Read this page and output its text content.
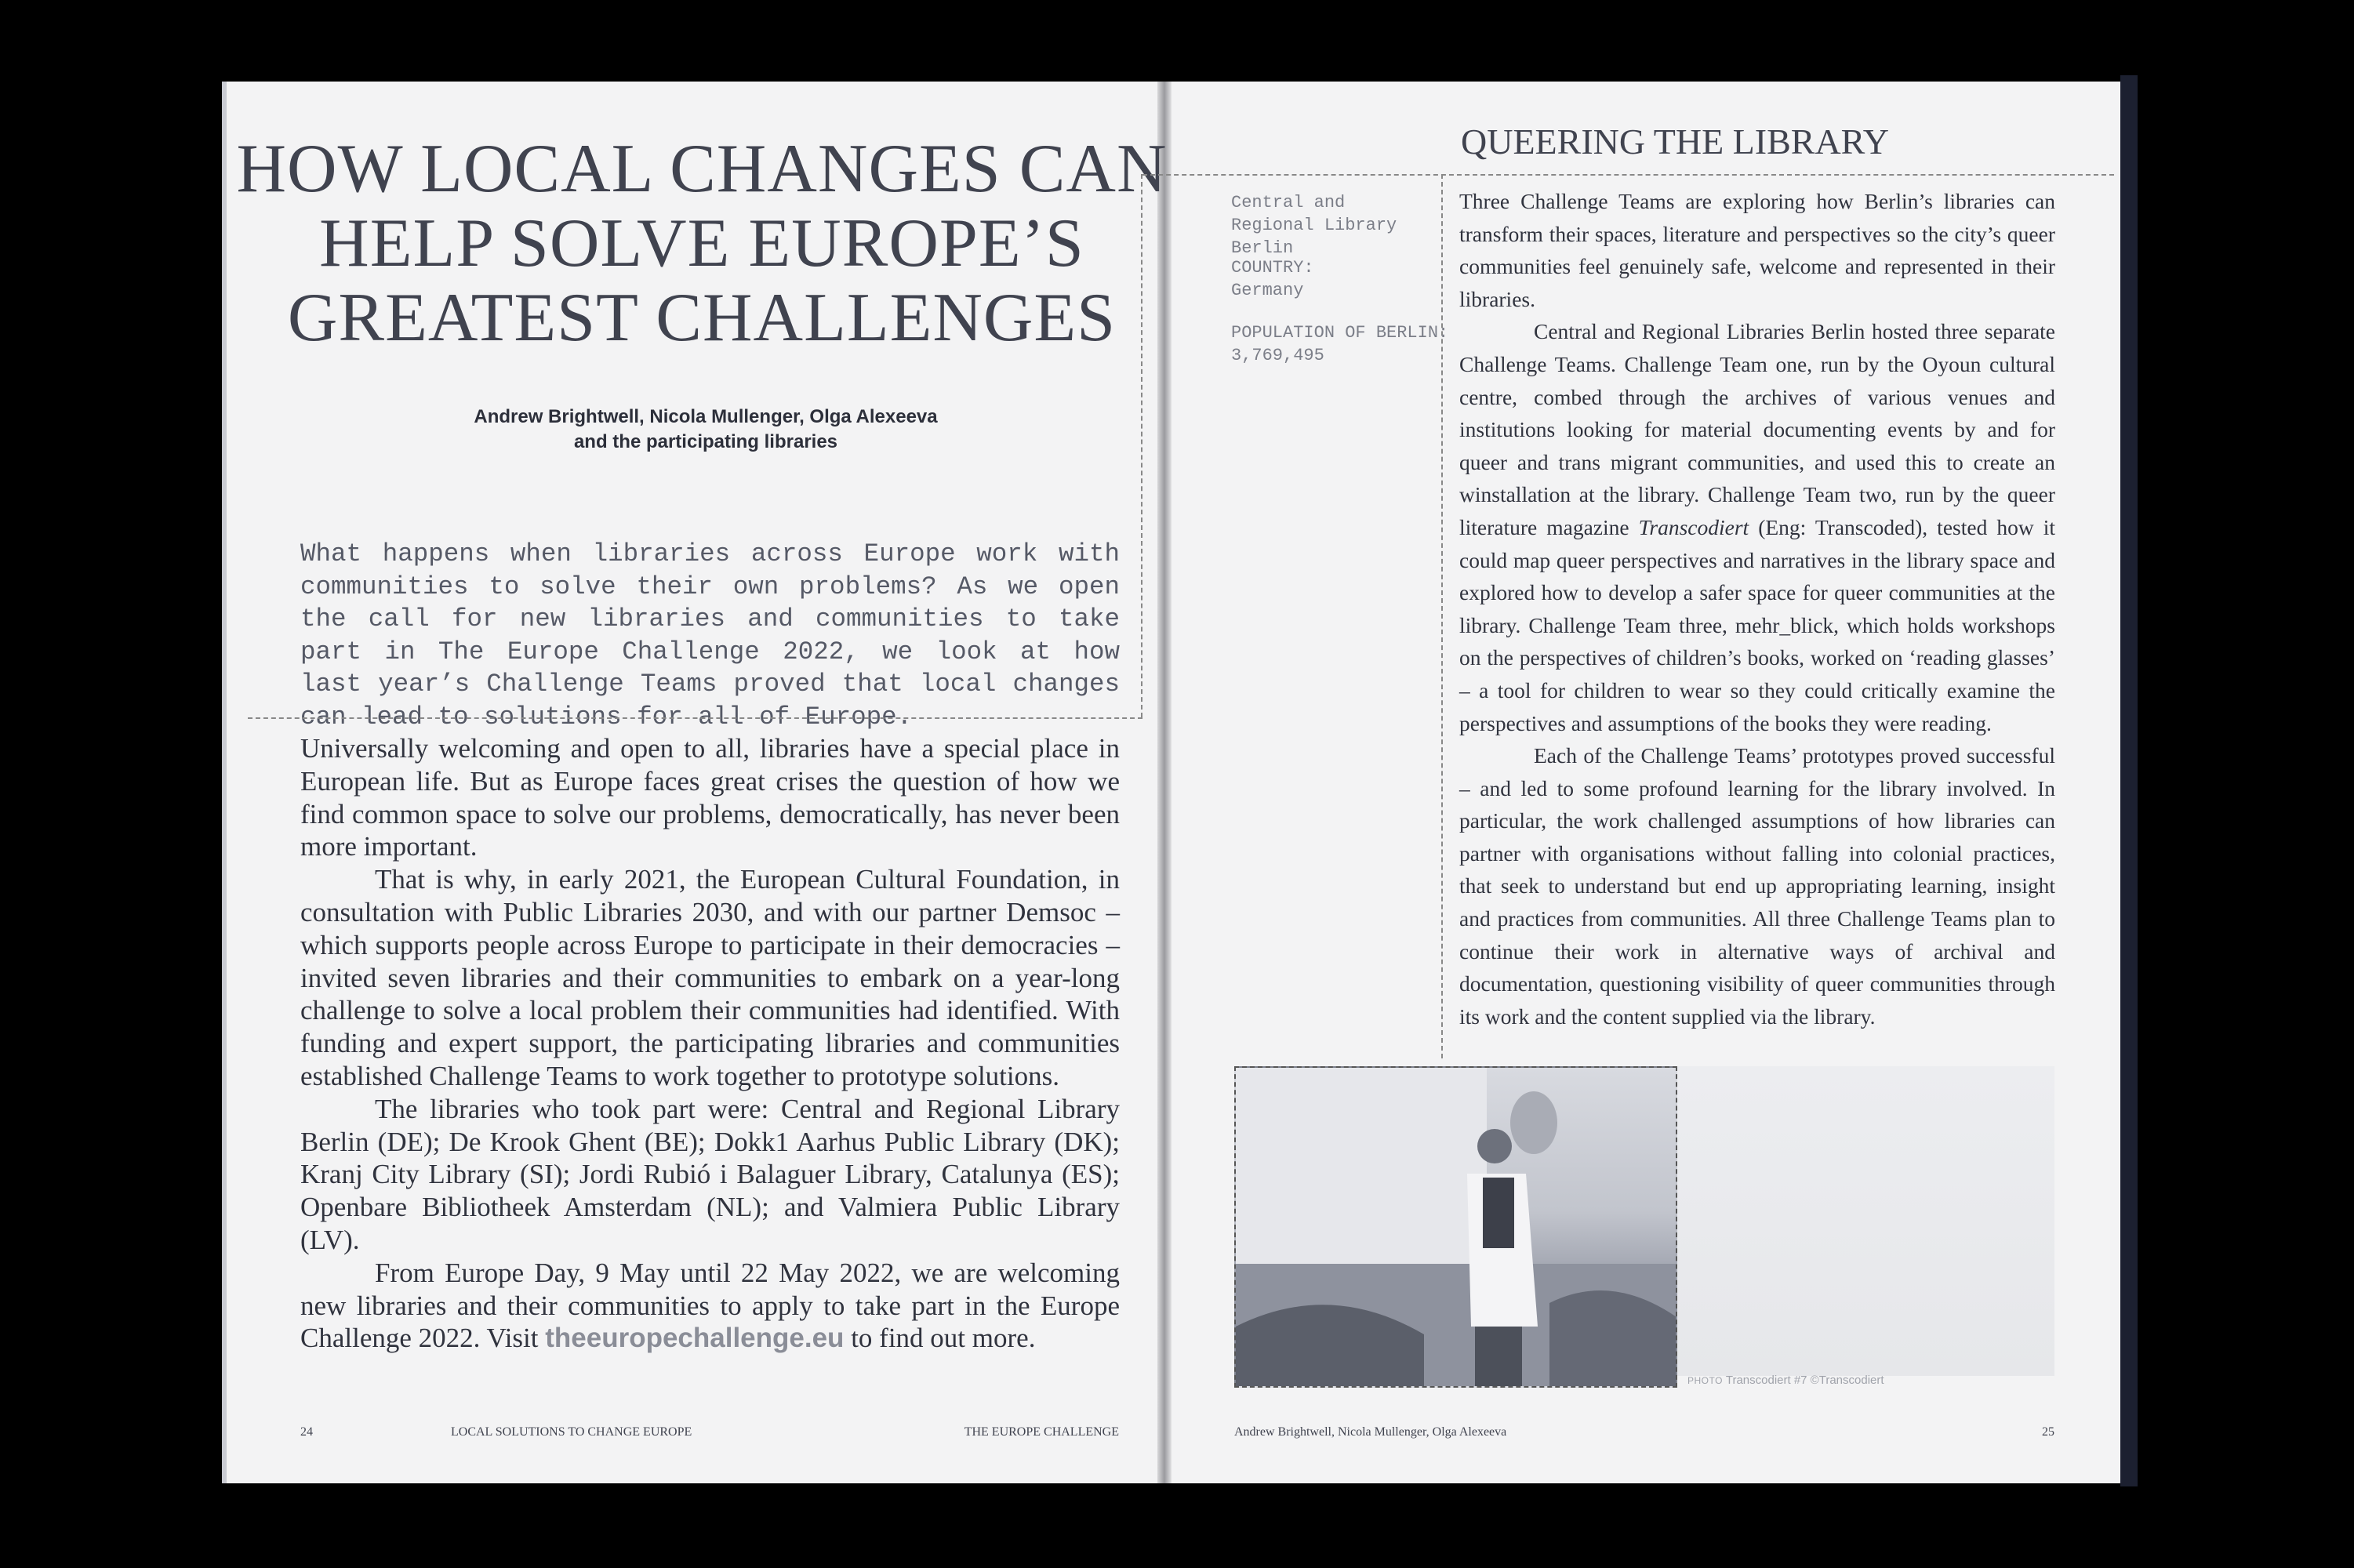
HOW LOCAL CHANGES CAN HELP SOLVE EUROPE’S GREATEST CHALLENGES
Andrew Brightwell, Nicola Mullenger, Olga Alexeeva
and the participating libraries
What happens when libraries across Europe work with communities to solve their own problems? As we open the call for new libraries and communities to take part in The Europe Challenge 2022, we look at how last year’s Challenge Teams proved that local changes can lead to solutions for all of Europe.

Universally welcoming and open to all, libraries have a special place in European life. But as Europe faces great crises the question of how we find common space to solve our problems, democratically, has never been more important.

That is why, in early 2021, the European Cultural Foundation, in consultation with Public Libraries 2030, and with our partner Demsoc – which supports people across Europe to participate in their democracies – invited seven libraries and their communities to embark on a year-long challenge to solve a local problem their communities had identified. With funding and expert support, the participating libraries and communities established Challenge Teams to work together to prototype solutions.

The libraries who took part were: Central and Regional Library Berlin (DE); De Krook Ghent (BE); Dokk1 Aarhus Public Library (DK); Kranj City Library (SI); Jordi Rubió i Balaguer Library, Catalunya (ES); Openbare Bibliotheek Amsterdam (NL); and Valmiera Public Library (LV).

From Europe Day, 9 May until 22 May 2022, we are welcoming new libraries and their communities to apply to take part in the Europe Challenge 2022. Visit theeuropechallenge.eu to find out more.

24	LOCAL SOLUTIONS TO CHANGE EUROPE	THE EUROPE CHALLENGE
QUEERING THE LIBRARY
Central and Regional Library Berlin
COUNTRY:
Germany
POPULATION OF BERLIN:
3,769,495

Three Challenge Teams are exploring how Berlin’s libraries can transform their spaces, literature and perspectives so the city’s queer communities feel genuinely safe, welcome and represented in their libraries.

Central and Regional Libraries Berlin hosted three separate Challenge Teams. Challenge Team one, run by the Oyoun cultural centre, combed through the archives of various venues and institutions looking for material documenting events by and for queer and trans migrant communities, and used this to create an winstallation at the library. Challenge Team two, run by the queer literature magazine Transcodiert (Eng: Transcoded), tested how it could map queer perspectives and narratives in the library space and explored how to develop a safer space for queer communities at the library. Challenge Team three, mehr_blick, which holds workshops on the perspectives of children’s books, worked on ‘reading glasses’ – a tool for children to wear so they could critically examine the perspectives and assumptions of the books they were reading.

Each of the Challenge Teams’ prototypes proved successful – and led to some profound learning for the library involved. In particular, the work challenged assumptions of how libraries can partner with organisations without falling into colonial practices, that seek to understand but end up appropriating learning, insight and practices from communities. All three Challenge Teams plan to continue their work in alternative ways of archival and documentation, questioning visibility of queer communities through its work and the content supplied via the library.

PHOTO Transcodiert #7 ©Transcodiert
Andrew Brightwell, Nicola Mullenger, Olga Alexeeva	25
